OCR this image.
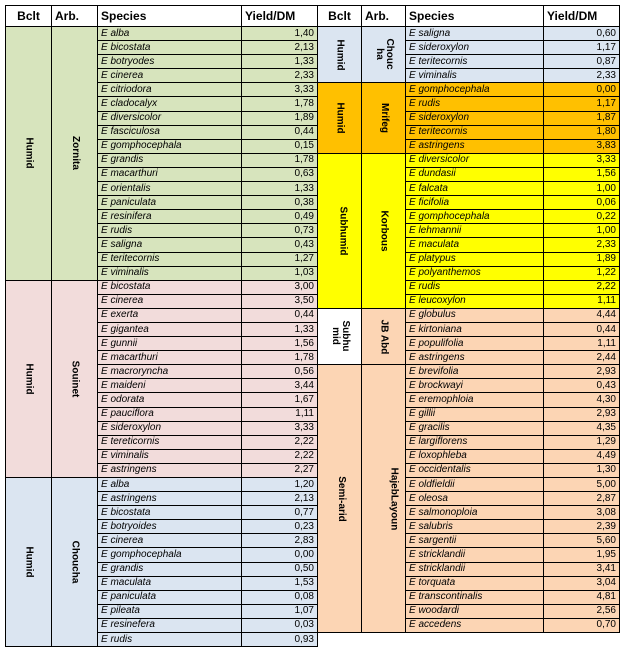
Bclt	Arb.	Species	Yield/DM
Humid	Zornita	E alba	1,40
		E bicostata	2,13
		E botryodes	1,33
		E cinerea	2,33
		E citriodora	3,33
		E cladocalyx	1,78
		E diversicolor	1,89
		E fasciculosa	0,44
		E gomphocephala	0,15
		E grandis	1,78
		E macarthuri	0,63
		E orientalis	1,33
		E paniculata	0,38
		E resinifera	0,49
		E rudis	0,73
		E saligna	0,43
		E teritecornis	1,27
		E viminalis	1,03
Humid	Souinet	E bicostata	3,00
		E cinerea	3,50
		E exerta	0,44
		E gigantea	1,33
		E gunnii	1,56
		E macarthuri	1,78
		E macroryncha	0,56
		E maideni	3,44
		E odorata	1,67
		E pauciflora	1,11
		E sideroxylon	3,33
		E tereticornis	2,22
		E viminalis	2,22
		E astringens	2,27
Humid	Choucha	E alba	1,20
		E astringens	2,13
		E bicostata	0,77
		E botryoides	0,23
		E cinerea	2,83
		E gomphocephala	0,00
		E grandis	0,50
		E maculata	1,53
		E paniculata	0,08
		E pileata	1,07
		E resinefera	0,03
		E rudis	0,93
Bclt	Arb.	Species	Yield/DM
Humid	Chouc ha	E saligna	0,60
		E sideroxylon	1,17
		E teritecornis	0,87
		E viminalis	2,33
Humid	Mrifeg	E gomphocephala	0,00
		E rudis	1,17
		E sideroxylon	1,87
		E teritecornis	1,80
		E astringens	3,83
Subhumid	Korbous	E diversicolor	3,33
		E dundasii	1,56
		E falcata	1,00
		E ficifolia	0,06
		E gomphocephala	0,22
		E lehmannii	1,00
		E maculata	2,33
		E platypus	1,89
		E polyanthemos	1,22
		E rudis	2,22
		E leucoxylon	1,11
Subhu mid	JB Abd	E globulus	4,44
		E kirtoniana	0,44
		E populifolia	1,11
		E astringens	2,44
Semi-arid	HajebLayoun	E brevifolia	2,93
		E brockwayi	0,43
		E eremophloia	4,30
		E gillii	2,93
		E gracilis	4,35
		E largiflorens	1,29
		E loxophleba	4,49
		E occidentalis	1,30
		E oldfieldii	5,00
		E oleosa	2,87
		E salmonoploia	3,08
		E salubris	2,39
		E sargentii	5,60
		E stricklandii	1,95
		E stricklandii	3,41
		E torquata	3,04
		E transcontinalis	4,81
		E woodardi	2,56
		E accedens	0,70
